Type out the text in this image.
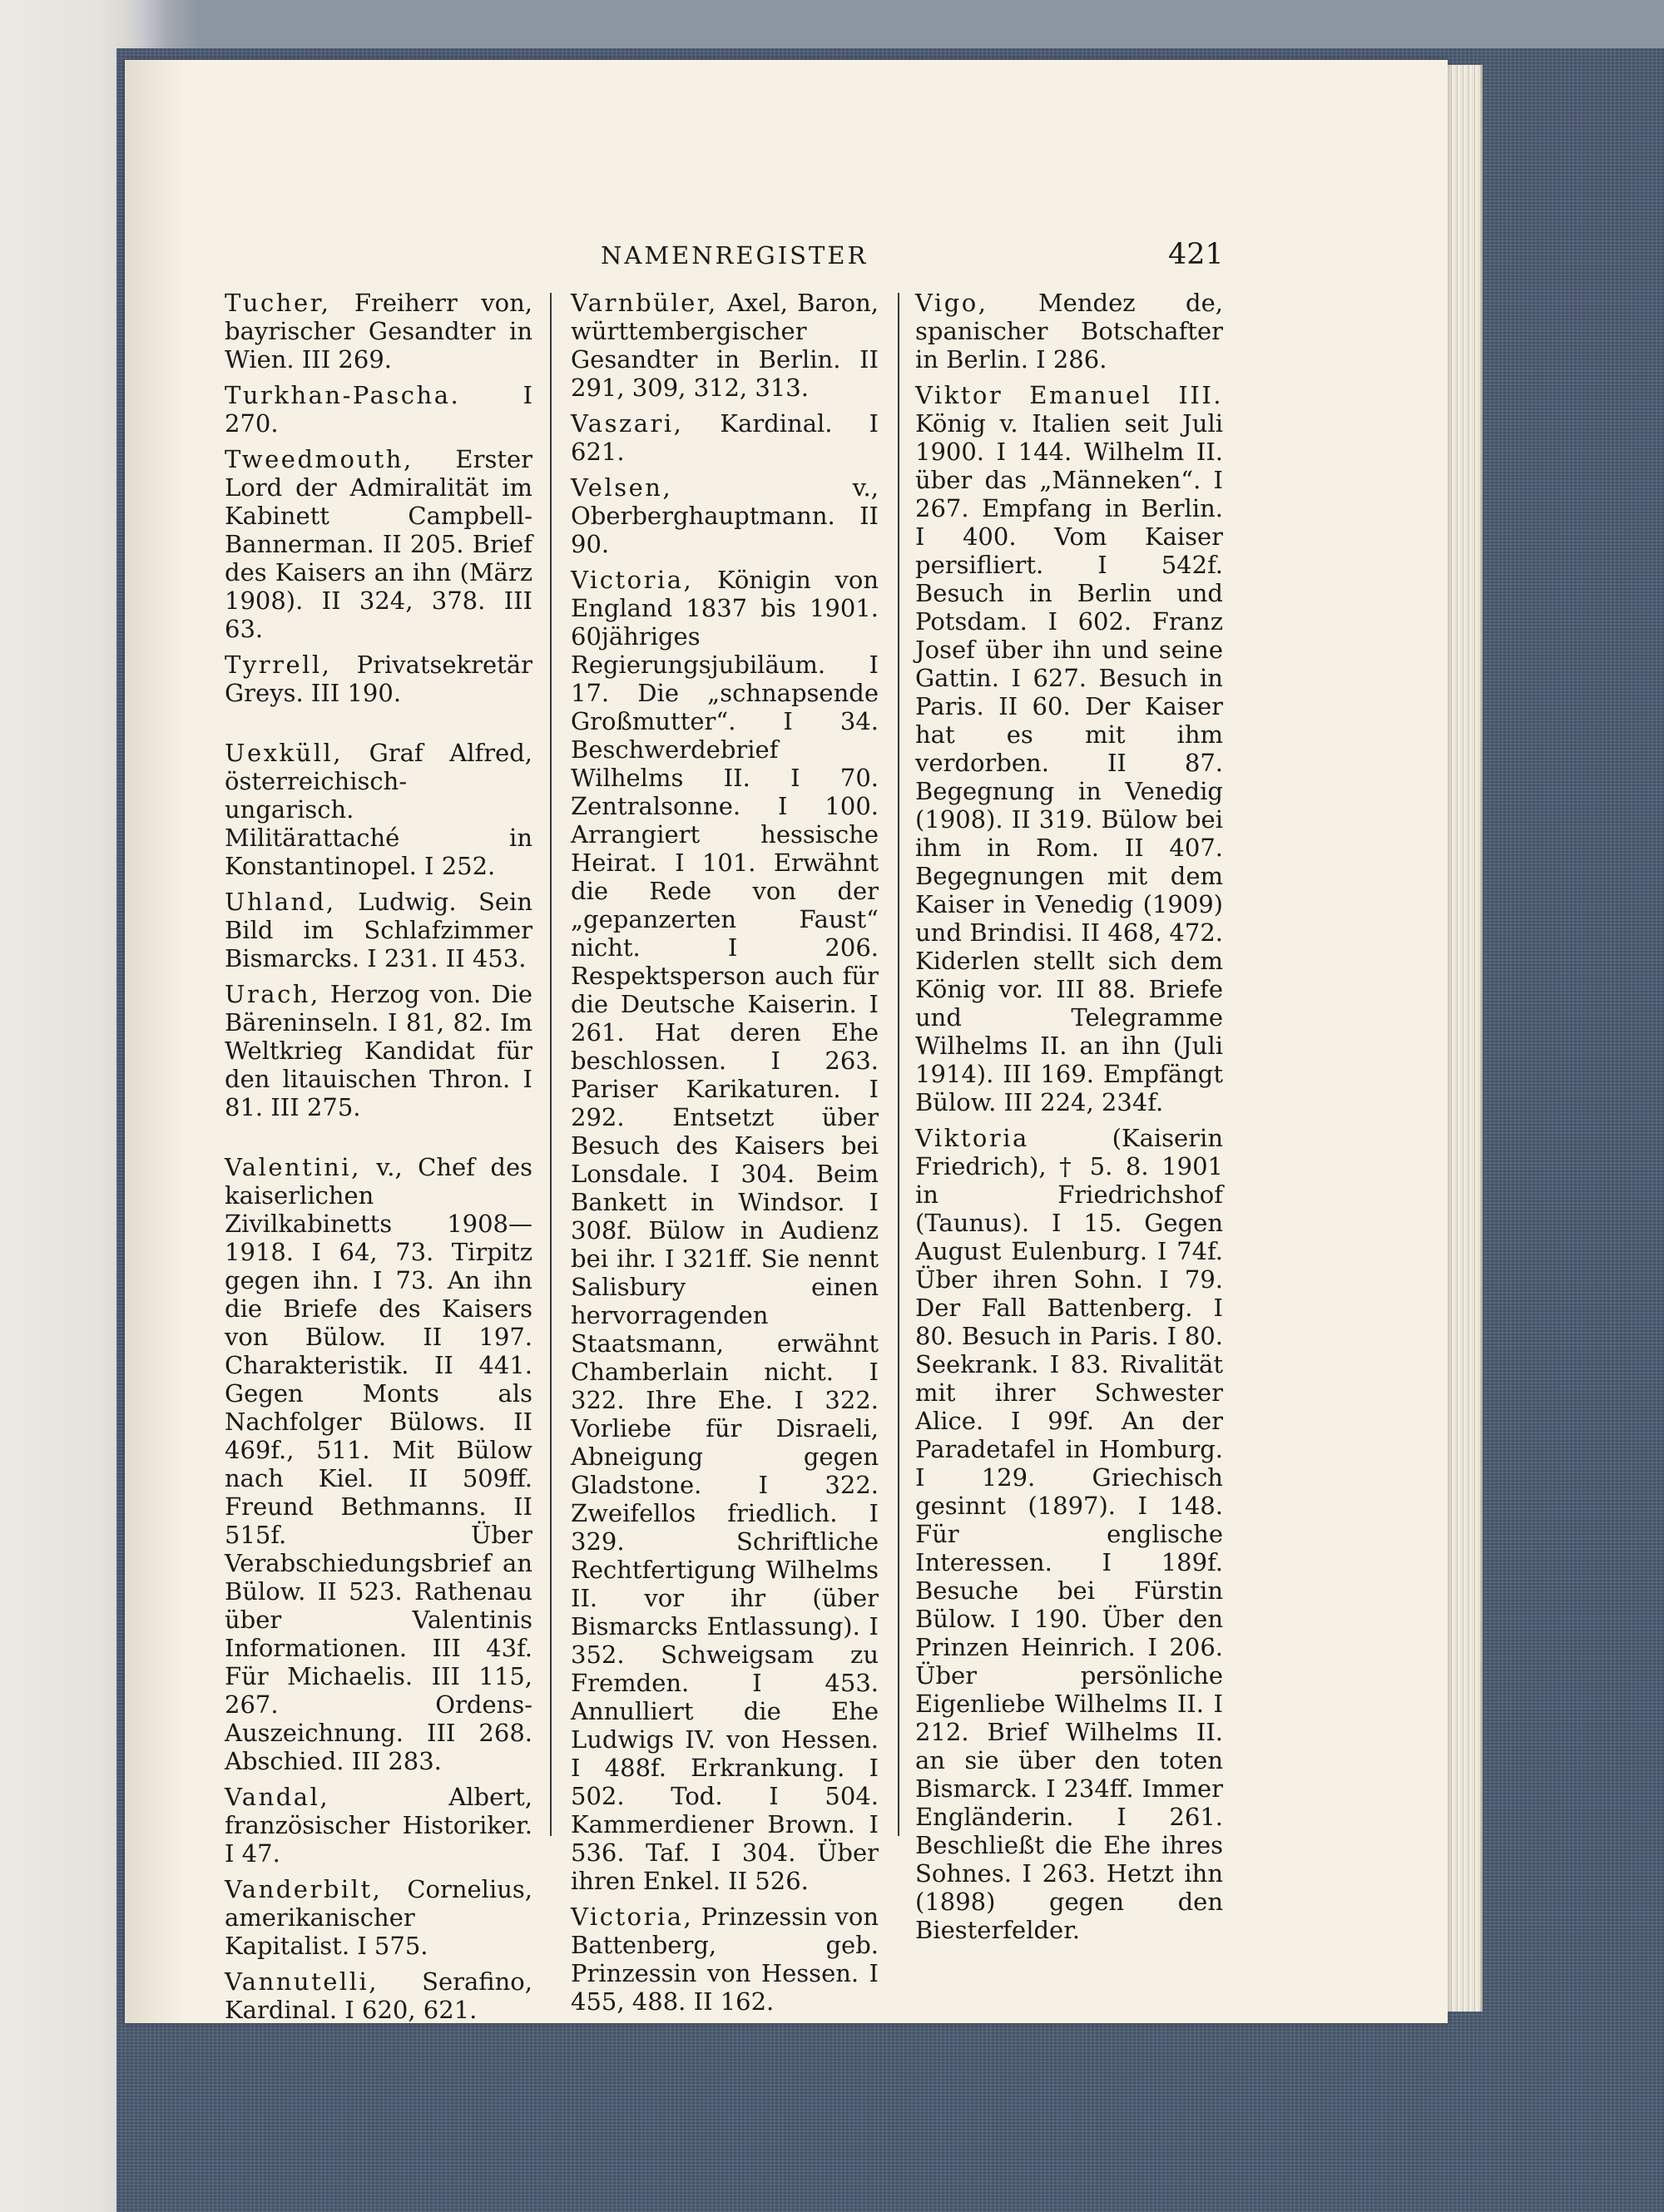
NAMENREGISTER	421

Tucher, Freiherr von, bayrischer Gesandter in Wien. III 269.

Turkhan-Pascha.	I 270.

Tweedmouth, Erster Lord der Admiralität im Kabinett Campbell-Bannerman. II 205. Brief des Kaisers an ihn (März 1908). II 324, 378. III 63.

Tyrrell, Privatsekretär Greys. III 190.

Uexküll, Graf Alfred, österreichisch-ungarisch. Militärattaché in Konstantinopel. I 252.

Uhland, Ludwig. Sein Bild im Schlafzimmer Bismarcks. I 231. II 453.

Urach, Herzog von. Die Bäreninseln. I 81, 82. Im Weltkrieg Kandidat für den litauischen Thron. I 81. III 275.

Valentini, v., Chef des kaiserlichen Zivilkabinetts 1908—1918. I 64, 73. Tirpitz gegen ihn. I 73. An ihn die Briefe des Kaisers von Bülow. II 197. Charakteristik. II 441. Gegen Monts als Nachfolger Bülows. II 469f., 511. Mit Bülow nach Kiel. II 509ff. Freund Bethmanns. II 515f. Über Verabschiedungsbrief an Bülow. II 523. Rathenau über Valentinis Informationen. III 43f. Für Michaelis. III 115, 267. Ordens-Auszeichnung. III 268. Abschied. III 283.

Vandal,	Albert, französischer Historiker. I 47.

Vanderbilt, Cornelius, amerikanischer Kapitalist. I 575.

Vannutelli, Serafino, Kardinal. I 620, 621.

Varnbüler, Axel, Baron, württembergischer Gesandter in Berlin. II 291, 309, 312, 313.

Vaszari, Kardinal. I 621.

Velsen,	v., Oberberghauptmann. II 90.

Victoria, Königin von England 1837 bis 1901. 60jähriges Regierungsjubiläum. I 17. Die „schnapsende Großmutter“. I 34. Beschwerdebrief Wilhelms II. I 70. Zentralsonne. I 100. Arrangiert hessische Heirat. I 101. Erwähnt die Rede von der „gepanzerten Faust“ nicht. I 206. Respektsperson auch für die Deutsche Kaiserin. I 261. Hat deren Ehe beschlossen. I 263. Pariser Karikaturen. I 292. Entsetzt über Besuch des Kaisers bei Lonsdale. I 304. Beim Bankett in Windsor. I 308f. Bülow in Audienz bei ihr. I 321ff. Sie nennt Salisbury einen hervorragenden Staatsmann, erwähnt Chamberlain nicht. I 322. Ihre Ehe. I 322. Vorliebe für Disraeli, Abneigung gegen Gladstone. I 322. Zweifellos friedlich. I 329. Schriftliche Rechtfertigung Wilhelms II. vor ihr (über Bismarcks Entlassung). I 352. Schweigsam zu Fremden. I 453. Annulliert die Ehe Ludwigs IV. von Hessen. I 488f. Erkrankung. I 502. Tod. I 504. Kammerdiener Brown. I 536. Taf. I 304. Über ihren Enkel. II 526.

Victoria, Prinzessin von Battenberg, geb. Prinzessin von Hessen. I 455, 488. II 162.

Vigo, Mendez de, spanischer Botschafter in Berlin. I 286.

Viktor Emanuel III. König v. Italien seit Juli 1900. I 144. Wilhelm II. über das „Männeken“. I 267. Empfang in Berlin. I 400. Vom Kaiser persifliert. I 542f. Besuch in Berlin und Potsdam. I 602. Franz Josef über ihn und seine Gattin. I 627. Besuch in Paris. II 60. Der Kaiser hat es mit ihm verdorben. II 87. Begegnung in Venedig (1908). II 319. Bülow bei ihm in Rom. II 407. Begegnungen mit dem Kaiser in Venedig (1909) und Brindisi. II 468, 472. Kiderlen stellt sich dem König vor. III 88. Briefe und Telegramme Wilhelms II. an ihn (Juli 1914). III 169. Empfängt Bülow. III 224, 234f.

Viktoria	(Kaiserin Friedrich), † 5. 8. 1901 in Friedrichshof (Taunus). I 15. Gegen August Eulenburg. I 74f. Über ihren Sohn. I 79. Der Fall Battenberg. I 80. Besuch in Paris. I 80. Seekrank. I 83. Rivalität mit ihrer Schwester Alice. I 99f. An der Paradetafel in Homburg. I 129. Griechisch gesinnt (1897). I 148. Für englische Interessen. I 189f. Besuche bei Fürstin Bülow. I 190. Über den Prinzen Heinrich. I 206. Über persönliche Eigenliebe Wilhelms II. I 212. Brief Wilhelms II. an sie über den toten Bismarck. I 234ff. Immer Engländerin. I 261. Beschließt die Ehe ihres Sohnes. I 263. Hetzt ihn (1898) gegen den Biesterfelder.
